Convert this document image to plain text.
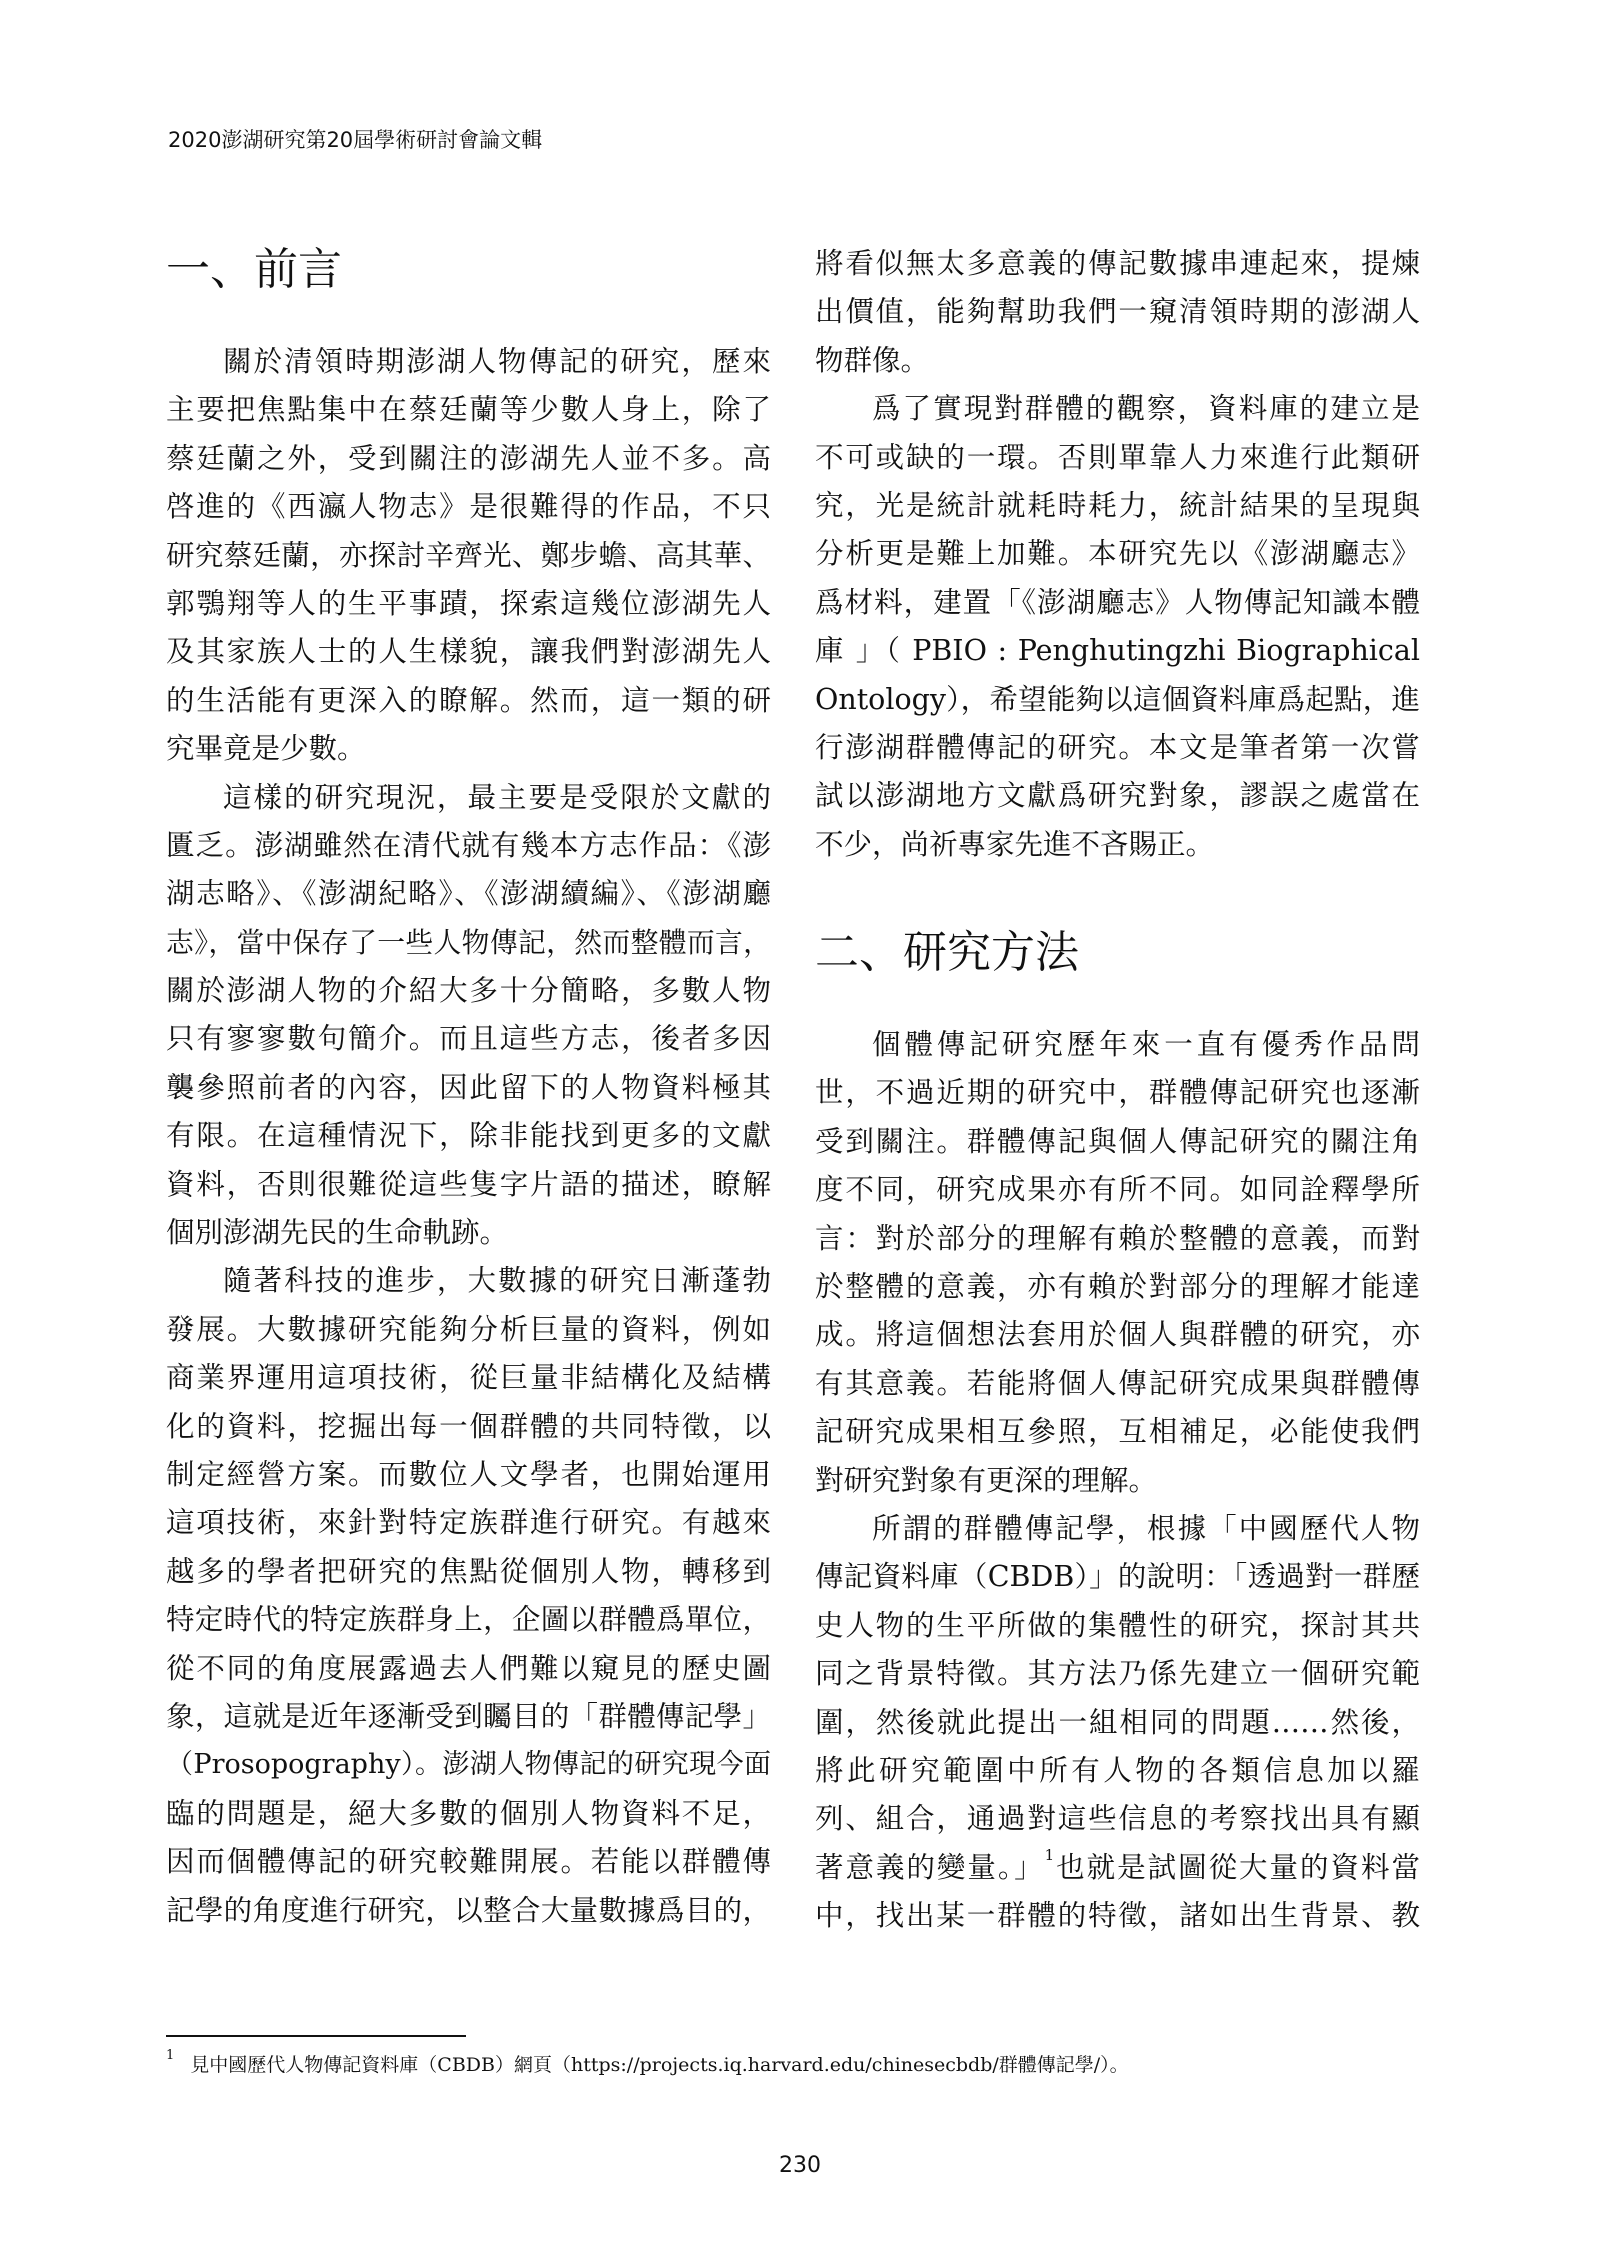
2020澎湖研究第20屆學術研討會論文輯
一、前言
關於清領時期澎湖人物傳記的研究，歷來
主要把焦點集中在蔡廷蘭等少數人身上，除了
蔡廷蘭之外，受到關注的澎湖先人並不多。高
啓進的《西瀛人物志》是很難得的作品，不只
研究蔡廷蘭，亦探討辛齊光、鄭步蟾、高其華、
郭鶚翔等人的生平事蹟，探索這幾位澎湖先人
及其家族人士的人生樣貌，讓我們對澎湖先人
的生活能有更深入的瞭解。然而，這一類的研
究畢竟是少數。
這樣的研究現況，最主要是受限於文獻的
匱乏。澎湖雖然在清代就有幾本方志作品：《澎
湖志略》、《澎湖紀略》、《澎湖續編》、《澎湖廳
志》，當中保存了一些人物傳記，然而整體而言，
關於澎湖人物的介紹大多十分簡略，多數人物
只有寥寥數句簡介。而且這些方志，後者多因
襲參照前者的內容，因此留下的人物資料極其
有限。在這種情況下，除非能找到更多的文獻
資料，否則很難從這些隻字片語的描述，瞭解
個別澎湖先民的生命軌跡。
隨著科技的進步，大數據的研究日漸蓬勃
發展。大數據研究能夠分析巨量的資料，例如
商業界運用這項技術，從巨量非結構化及結構
化的資料，挖掘出每一個群體的共同特徵，以
制定經營方案。而數位人文學者，也開始運用
這項技術，來針對特定族群進行研究。有越來
越多的學者把研究的焦點從個別人物，轉移到
特定時代的特定族群身上，企圖以群體爲單位，
從不同的角度展露過去人們難以窺見的歷史圖
象，這就是近年逐漸受到矚目的「群體傳記學」
（Prosopography）。澎湖人物傳記的研究現今面
臨的問題是，絕大多數的個別人物資料不足，
因而個體傳記的研究較難開展。若能以群體傳
記學的角度進行研究，以整合大量數據爲目的，
將看似無太多意義的傳記數據串連起來，提煉
出價值，能夠幫助我們一窺清領時期的澎湖人
物群像。
爲了實現對群體的觀察，資料庫的建立是
不可或缺的一環。否則單靠人力來進行此類研
究，光是統計就耗時耗力，統計結果的呈現與
分析更是難上加難。本研究先以《澎湖廳志》
爲材料，建置「《澎湖廳志》人物傳記知識本體
庫 」（ PBIO : Penghutingzhi Biographical
Ontology），希望能夠以這個資料庫爲起點，進
行澎湖群體傳記的研究。本文是筆者第一次嘗
試以澎湖地方文獻爲研究對象，謬誤之處當在
不少，尚祈專家先進不吝賜正。
二、研究方法
個體傳記研究歷年來一直有優秀作品問
世，不過近期的研究中，群體傳記研究也逐漸
受到關注。群體傳記與個人傳記研究的關注角
度不同，研究成果亦有所不同。如同詮釋學所
言：對於部分的理解有賴於整體的意義，而對
於整體的意義，亦有賴於對部分的理解才能達
成。將這個想法套用於個人與群體的研究，亦
有其意義。若能將個人傳記研究成果與群體傳
記研究成果相互參照，互相補足，必能使我們
對研究對象有更深的理解。
所謂的群體傳記學，根據「中國歷代人物
傳記資料庫（CBDB）」的說明：「透過對一群歷
史人物的生平所做的集體性的研究，探討其共
同之背景特徵。其方法乃係先建立一個研究範
圍，然後就此提出一組相同的問題……然後，
將此研究範圍中所有人物的各類信息加以羅
列、組合，通過對這些信息的考察找出具有顯
著意義的變量。」$^1$也就是試圖從大量的資料當
中，找出某一群體的特徵，諸如出生背景、教
$^1$ 見中國歷代人物傳記資料庫（CBDB）網頁（https://projects.iq.harvard.edu/chinesecbdb/群體傳記學/）。
230
